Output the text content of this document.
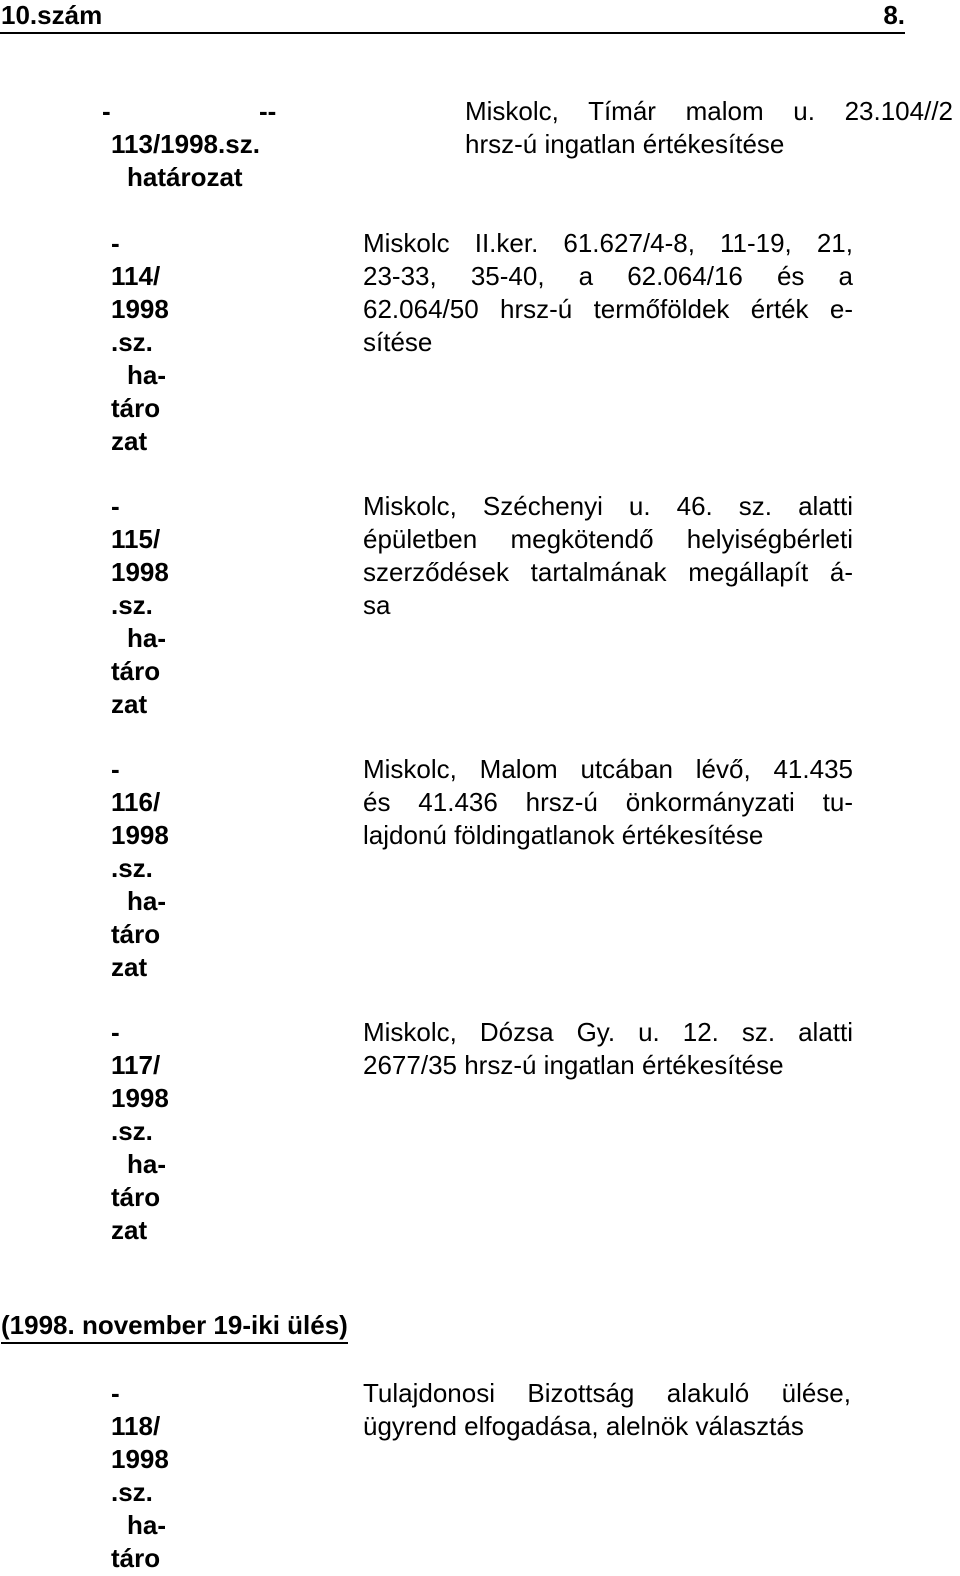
10.szám	8.
-	--
113/1998.sz.
határozat
Miskolc, Tímár malom u. 23.104//2
hrsz-ú ingatlan értékesítése
-
114/
1998
.sz.
ha-
táro
zat
Miskolc II.ker. 61.627/4-8, 11-19, 21,
23-33, 35-40, a 62.064/16 és a
62.064/50 hrsz-ú termőföldek érték e-
sítése
-
115/
1998
.sz.
ha-
táro
zat
Miskolc, Széchenyi u. 46. sz. alatti
épületben megkötendő helyiségbérleti
szerződések tartalmának megállapít á-
sa
-
116/
1998
.sz.
ha-
táro
zat
Miskolc, Malom utcában lévő, 41.435
és 41.436 hrsz-ú önkormányzati tu-
lajdonú földingatlanok értékesítése
-
117/
1998
.sz.
ha-
táro
zat
Miskolc, Dózsa Gy. u. 12. sz. alatti
2677/35 hrsz-ú ingatlan értékesítése
(1998. november 19-iki ülés)
-
118/
1998
.sz.
ha-
táro
Tulajdonosi Bizottság alakuló ülése,
ügyrend elfogadása, alelnök választás
